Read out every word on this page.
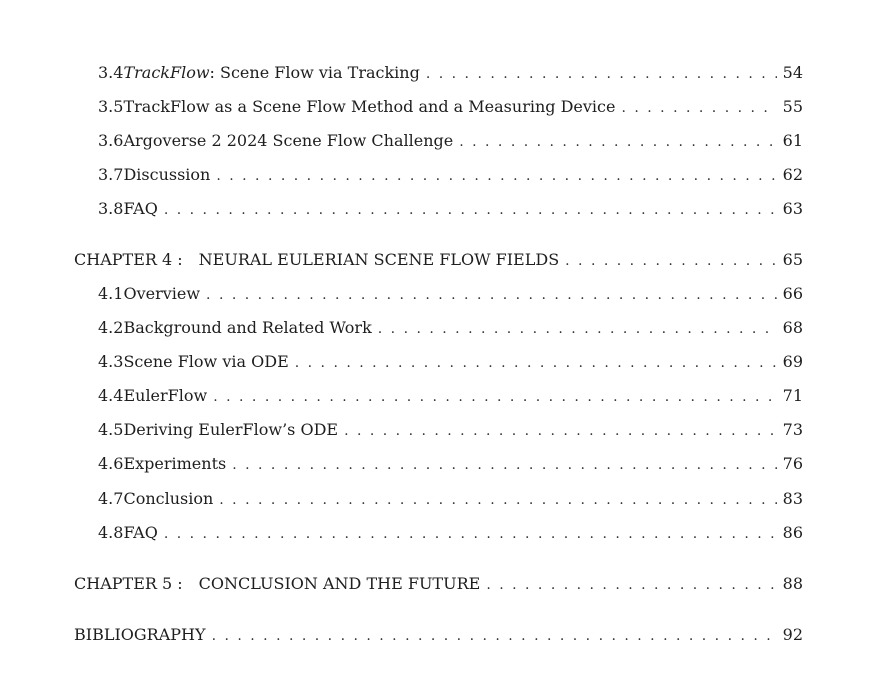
3.4 TrackFlow: Scene Flow via Tracking . . .	54
3.5 TrackFlow as a Scene Flow Method and a Measuring Device . . .	55
3.6 Argoverse 2 2024 Scene Flow Challenge . . .	61
3.7 Discussion . . .	62
3.8 FAQ . . .	63
CHAPTER 4 : NEURAL EULERIAN SCENE FLOW FIELDS . . .	65
4.1 Overview . . .	66
4.2 Background and Related Work . . .	68
4.3 Scene Flow via ODE . . .	69
4.4 EulerFlow . . .	71
4.5 Deriving EulerFlow’s ODE . . .	73
4.6 Experiments . . .	76
4.7 Conclusion . . .	83
4.8 FAQ . . .	86
CHAPTER 5 : CONCLUSION AND THE FUTURE . . .	88
BIBLIOGRAPHY . . .	92
